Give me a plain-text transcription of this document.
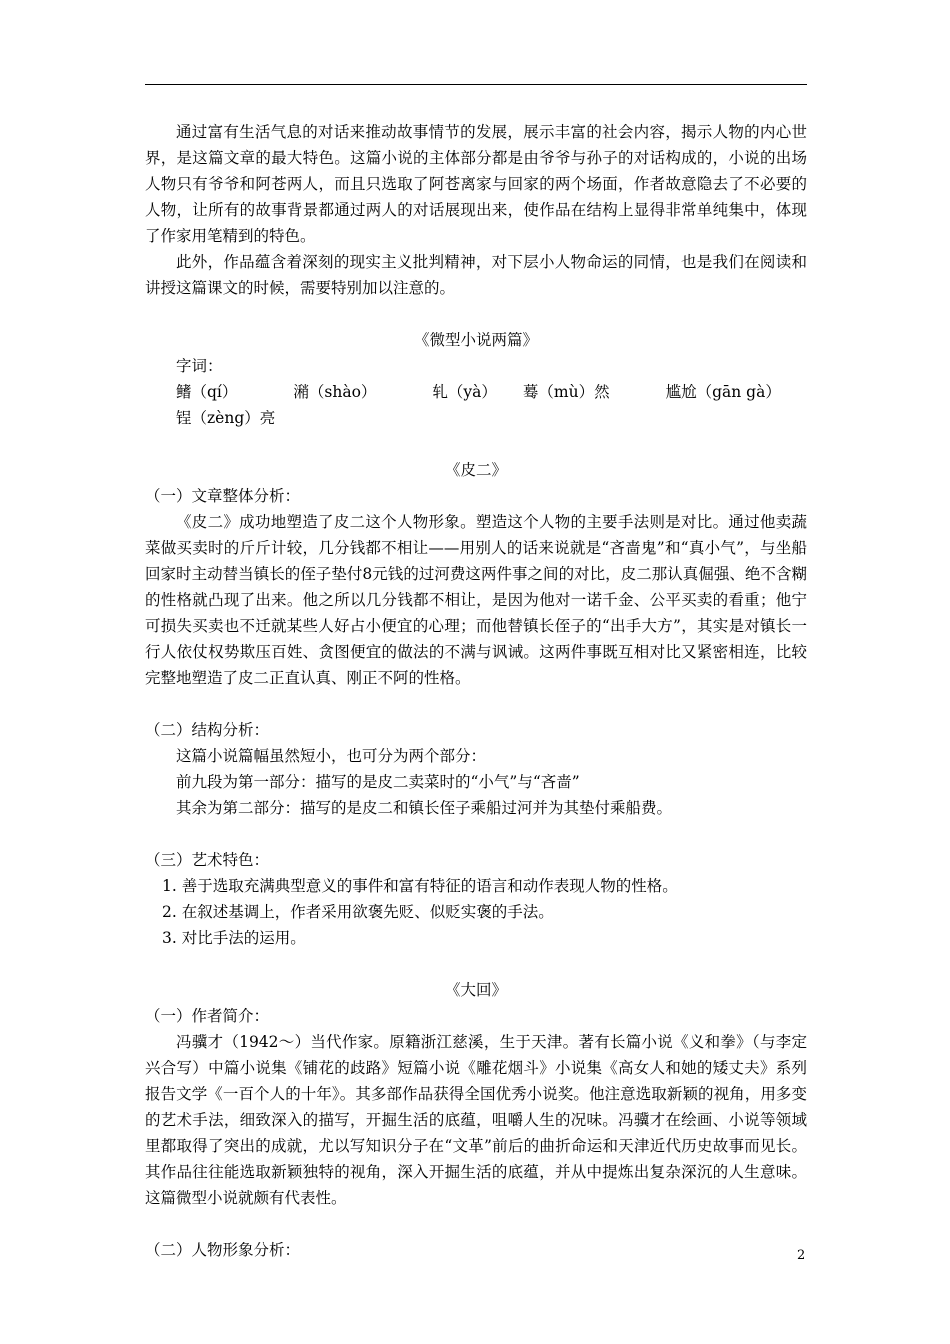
通过富有生活气息的对话来推动故事情节的发展，展示丰富的社会内容，揭示人物的内心世界，是这篇文章的最大特色。这篇小说的主体部分都是由爷爷与孙子的对话构成的，小说的出场人物只有爷爷和阿苍两人，而且只选取了阿苍离家与回家的两个场面，作者故意隐去了不必要的人物，让所有的故事背景都通过两人的对话展现出来，使作品在结构上显得非常单纯集中，体现了作家用笔精到的特色。

此外，作品蕴含着深刻的现实主义批判精神，对下层小人物命运的同情，也是我们在阅读和讲授这篇课文的时候，需要特别加以注意的。

《微型小说两篇》

字词：

鳍（qí）	潲（shào）	轧（yà） 蓦（mù）然	尴尬（gān gà）

锃（zèng）亮

《皮二》

（一）文章整体分析：

《皮二》成功地塑造了皮二这个人物形象。塑造这个人物的主要手法则是对比。通过他卖蔬菜做买卖时的斤斤计较，几分钱都不相让——用别人的话来说就是“吝啬鬼”和“真小气”，与坐船回家时主动替当镇长的侄子垫付8元钱的过河费这两件事之间的对比，皮二那认真倔强、绝不含糊的性格就凸现了出来。他之所以几分钱都不相让，是因为他对一诺千金、公平买卖的看重；他宁可损失买卖也不迁就某些人好占小便宜的心理；而他替镇长侄子的“出手大方”，其实是对镇长一行人依仗权势欺压百姓、贪图便宜的做法的不满与讽诫。这两件事既互相对比又紧密相连，比较完整地塑造了皮二正直认真、刚正不阿的性格。

（二）结构分析：

这篇小说篇幅虽然短小，也可分为两个部分：

前九段为第一部分：描写的是皮二卖菜时的“小气”与“吝啬”

其余为第二部分：描写的是皮二和镇长侄子乘船过河并为其垫付乘船费。

（三）艺术特色：

1. 善于选取充满典型意义的事件和富有特征的语言和动作表现人物的性格。

2. 在叙述基调上，作者采用欲褒先贬、似贬实褒的手法。

3. 对比手法的运用。

《大回》

（一）作者简介：

冯骥才（1942～）当代作家。原籍浙江慈溪，生于天津。著有长篇小说《义和拳》（与李定兴合写）中篇小说集《铺花的歧路》短篇小说《雕花烟斗》小说集《高女人和她的矮丈夫》系列报告文学《一百个人的十年》。其多部作品获得全国优秀小说奖。他注意选取新颖的视角，用多变的艺术手法，细致深入的描写，开掘生活的底蕴，咀嚼人生的况味。冯骥才在绘画、小说等领域里都取得了突出的成就，尤以写知识分子在“文革”前后的曲折命运和天津近代历史故事而见长。其作品往往能选取新颖独特的视角，深入开掘生活的底蕴，并从中提炼出复杂深沉的人生意味。这篇微型小说就颇有代表性。

（二）人物形象分析：	2
